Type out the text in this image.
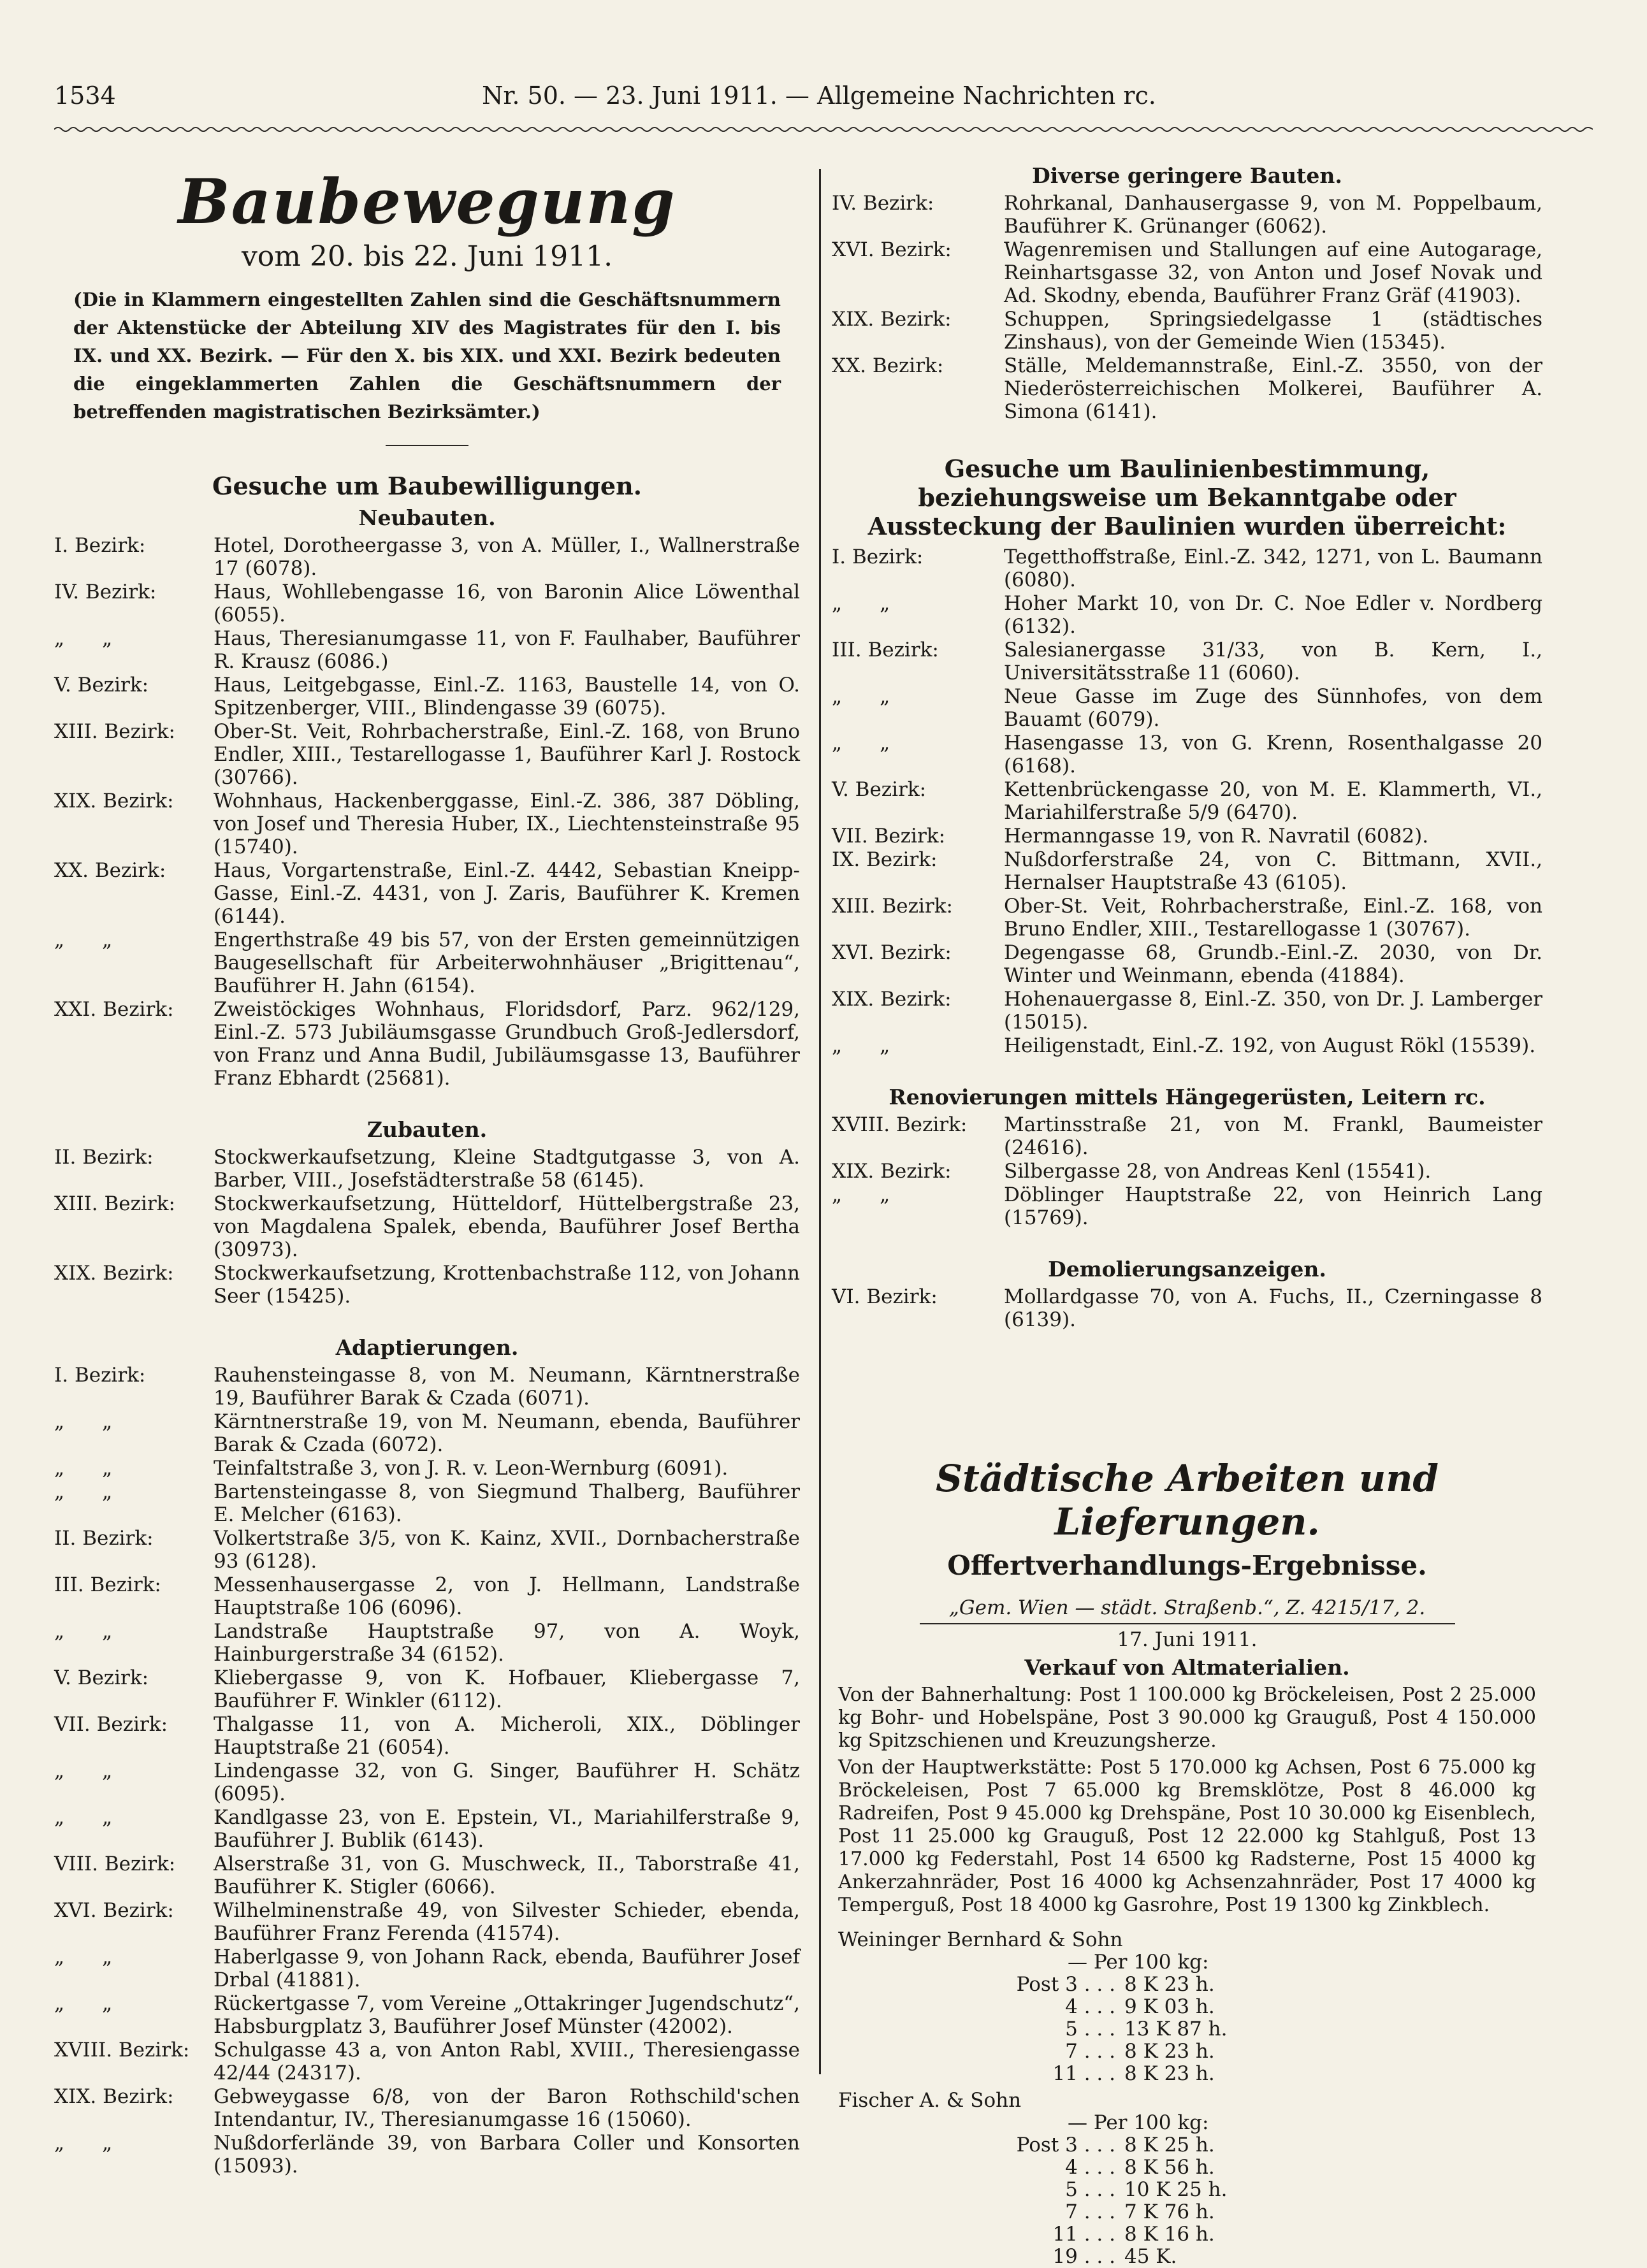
1534	Nr. 50. — 23. Juni 1911. — Allgemeine Nachrichten rc.
Baubewegung
vom 20. bis 22. Juni 1911.
(Die in Klammern eingestellten Zahlen sind die Geschäftsnummern der Aktenstücke der Abteilung XIV des Magistrates für den I. bis IX. und XX. Bezirk. — Für den X. bis XIX. und XXI. Bezirk bedeuten die eingeklammerten Zahlen die Geschäftsnummern der betreffenden magistratischen Bezirksämter.)
Gesuche um Baubewilligungen.
Neubauten.
I. Bezirk:	Hotel, Dorotheergasse 3, von A. Müller, I., Wallnerstraße 17 (6078).
IV. Bezirk:	Haus, Wohllebengasse 16, von Baronin Alice Löwenthal (6055).
„      „	Haus, Theresianumgasse 11, von F. Faulhaber, Bauführer R. Krausz (6086.)
V. Bezirk:	Haus, Leitgebgasse, Einl.-Z. 1163, Baustelle 14, von O. Spitzenberger, VIII., Blindengasse 39 (6075).
XIII. Bezirk:	Ober-St. Veit, Rohrbacherstraße, Einl.-Z. 168, von Bruno Endler, XIII., Testarellogasse 1, Bauführer Karl J. Rostock (30766).
XIX. Bezirk:	Wohnhaus, Hackenberggasse, Einl.-Z. 386, 387 Döbling, von Josef und Theresia Huber, IX., Liechtensteinstraße 95 (15740).
XX. Bezirk:	Haus, Vorgartenstraße, Einl.-Z. 4442, Sebastian Kneipp-Gasse, Einl.-Z. 4431, von J. Zaris, Bauführer K. Kremen (6144).
„      „	Engerthstraße 49 bis 57, von der Ersten gemeinnützigen Baugesellschaft für Arbeiterwohnhäuser „Brigittenau“, Bauführer H. Jahn (6154).
XXI. Bezirk:	Zweistöckiges Wohnhaus, Floridsdorf, Parz. 962/129, Einl.-Z. 573 Jubiläumsgasse Grundbuch Groß-Jedlersdorf, von Franz und Anna Budil, Jubiläumsgasse 13, Bauführer Franz Ebhardt (25681).
Zubauten.
II. Bezirk:	Stockwerkaufsetzung, Kleine Stadtgutgasse 3, von A. Barber, VIII., Josefstädterstraße 58 (6145).
XIII. Bezirk:	Stockwerkaufsetzung, Hütteldorf, Hüttelbergstraße 23, von Magdalena Spalek, ebenda, Bauführer Josef Bertha (30973).
XIX. Bezirk:	Stockwerkaufsetzung, Krottenbachstraße 112, von Johann Seer (15425).
Adaptierungen.
I. Bezirk:	Rauhensteingasse 8, von M. Neumann, Kärntnerstraße 19, Bauführer Barak & Czada (6071).
„      „	Kärntnerstraße 19, von M. Neumann, ebenda, Bauführer Barak & Czada (6072).
„      „	Teinfaltstraße 3, von J. R. v. Leon-Wernburg (6091).
„      „	Bartensteingasse 8, von Siegmund Thalberg, Bauführer E. Melcher (6163).
II. Bezirk:	Volkertstraße 3/5, von K. Kainz, XVII., Dornbacherstraße 93 (6128).
III. Bezirk:	Messenhausergasse 2, von J. Hellmann, Landstraße Hauptstraße 106 (6096).
„      „	Landstraße Hauptstraße 97, von A. Woyk, Hainburgerstraße 34 (6152).
V. Bezirk:	Kliebergasse 9, von K. Hofbauer, Kliebergasse 7, Bauführer F. Winkler (6112).
VII. Bezirk:	Thalgasse 11, von A. Micheroli, XIX., Döblinger Hauptstraße 21 (6054).
„      „	Lindengasse 32, von G. Singer, Bauführer H. Schätz (6095).
„      „	Kandlgasse 23, von E. Epstein, VI., Mariahilferstraße 9, Bauführer J. Bublik (6143).
VIII. Bezirk:	Alserstraße 31, von G. Muschweck, II., Taborstraße 41, Bauführer K. Stigler (6066).
XVI. Bezirk:	Wilhelminenstraße 49, von Silvester Schieder, ebenda, Bauführer Franz Ferenda (41574).
„      „	Haberlgasse 9, von Johann Rack, ebenda, Bauführer Josef Drbal (41881).
„      „	Rückertgasse 7, vom Vereine „Ottakringer Jugendschutz“, Habsburgplatz 3, Bauführer Josef Münster (42002).
XVIII. Bezirk:	Schulgasse 43 a, von Anton Rabl, XVIII., Theresiengasse 42/44 (24317).
XIX. Bezirk:	Gebweygasse 6/8, von der Baron Rothschild'schen Intendantur, IV., Theresianumgasse 16 (15060).
„      „	Nußdorferlände 39, von Barbara Coller und Konsorten (15093).
Diverse geringere Bauten.
IV. Bezirk:	Rohrkanal, Danhausergasse 9, von M. Poppelbaum, Bauführer K. Grünanger (6062).
XVI. Bezirk:	Wagenremisen und Stallungen auf eine Autogarage, Reinhartsgasse 32, von Anton und Josef Novak und Ad. Skodny, ebenda, Bauführer Franz Gräf (41903).
XIX. Bezirk:	Schuppen, Springsiedelgasse 1 (städtisches Zinshaus), von der Gemeinde Wien (15345).
XX. Bezirk:	Ställe, Meldemannstraße, Einl.-Z. 3550, von der Niederösterreichischen Molkerei, Bauführer A. Simona (6141).
Gesuche um Baulinienbestimmung, beziehungsweise um Bekanntgabe oder Aussteckung der Baulinien wurden überreicht:
I. Bezirk:	Tegetthoffstraße, Einl.-Z. 342, 1271, von L. Baumann (6080).
„      „	Hoher Markt 10, von Dr. C. Noe Edler v. Nordberg (6132).
III. Bezirk:	Salesianergasse 31/33, von B. Kern, I., Universitätsstraße 11 (6060).
„      „	Neue Gasse im Zuge des Sünnhofes, von dem Bauamt (6079).
„      „	Hasengasse 13, von G. Krenn, Rosenthalgasse 20 (6168).
V. Bezirk:	Kettenbrückengasse 20, von M. E. Klammerth, VI., Mariahilferstraße 5/9 (6470).
VII. Bezirk:	Hermanngasse 19, von R. Navratil (6082).
IX. Bezirk:	Nußdorferstraße 24, von C. Bittmann, XVII., Hernalser Hauptstraße 43 (6105).
XIII. Bezirk:	Ober-St. Veit, Rohrbacherstraße, Einl.-Z. 168, von Bruno Endler, XIII., Testarellogasse 1 (30767).
XVI. Bezirk:	Degengasse 68, Grundb.-Einl.-Z. 2030, von Dr. Winter und Weinmann, ebenda (41884).
XIX. Bezirk:	Hohenauergasse 8, Einl.-Z. 350, von Dr. J. Lamberger (15015).
„      „	Heiligenstadt, Einl.-Z. 192, von August Rökl (15539).
Renovierungen mittels Hängegerüsten, Leitern rc.
XVIII. Bezirk:	Martinsstraße 21, von M. Frankl, Baumeister (24616).
XIX. Bezirk:	Silbergasse 28, von Andreas Kenl (15541).
„      „	Döblinger Hauptstraße 22, von Heinrich Lang (15769).
Demolierungsanzeigen.
VI. Bezirk:	Mollardgasse 70, von A. Fuchs, II., Czerningasse 8 (6139).
Städtische Arbeiten und Lieferungen.
Offertverhandlungs-Ergebnisse.
„Gem. Wien — städt. Straßenb.“, Z. 4215/17, 2.
17. Juni 1911.
Verkauf von Altmaterialien.
Von der Bahnerhaltung: Post 1 100.000 kg Bröckeleisen, Post 2 25.000 kg Bohr- und Hobelspäne, Post 3 90.000 kg Grauguß, Post 4 150.000 kg Spitzschienen und Kreuzungsherze.
Von der Hauptwerkstätte: Post 5 170.000 kg Achsen, Post 6 75.000 kg Bröckeleisen, Post 7 65.000 kg Bremsklötze, Post 8 46.000 kg Radreifen, Post 9 45.000 kg Drehspäne, Post 10 30.000 kg Eisenblech, Post 11 25.000 kg Grauguß, Post 12 22.000 kg Stahlguß, Post 13 17.000 kg Federstahl, Post 14 6500 kg Radsterne, Post 15 4000 kg Ankerzahnräder, Post 16 4000 kg Achsenzahnräder, Post 17 4000 kg Temperguß, Post 18 4000 kg Gasrohre, Post 19 1300 kg Zinkblech.
Weininger Bernhard & Sohn
— Per 100 kg:
Post 3 . . . 8 K 23 h.
4 . . . 9 K 03 h.
5 . . . 13 K 87 h.
7 . . . 8 K 23 h.
11 . . . 8 K 23 h.
Fischer A. & Sohn
— Per 100 kg:
Post 3 . . . 8 K 25 h.
4 . . . 8 K 56 h.
5 . . . 10 K 25 h.
7 . . . 7 K 76 h.
11 . . . 8 K 16 h.
19 . . . 45 K.
